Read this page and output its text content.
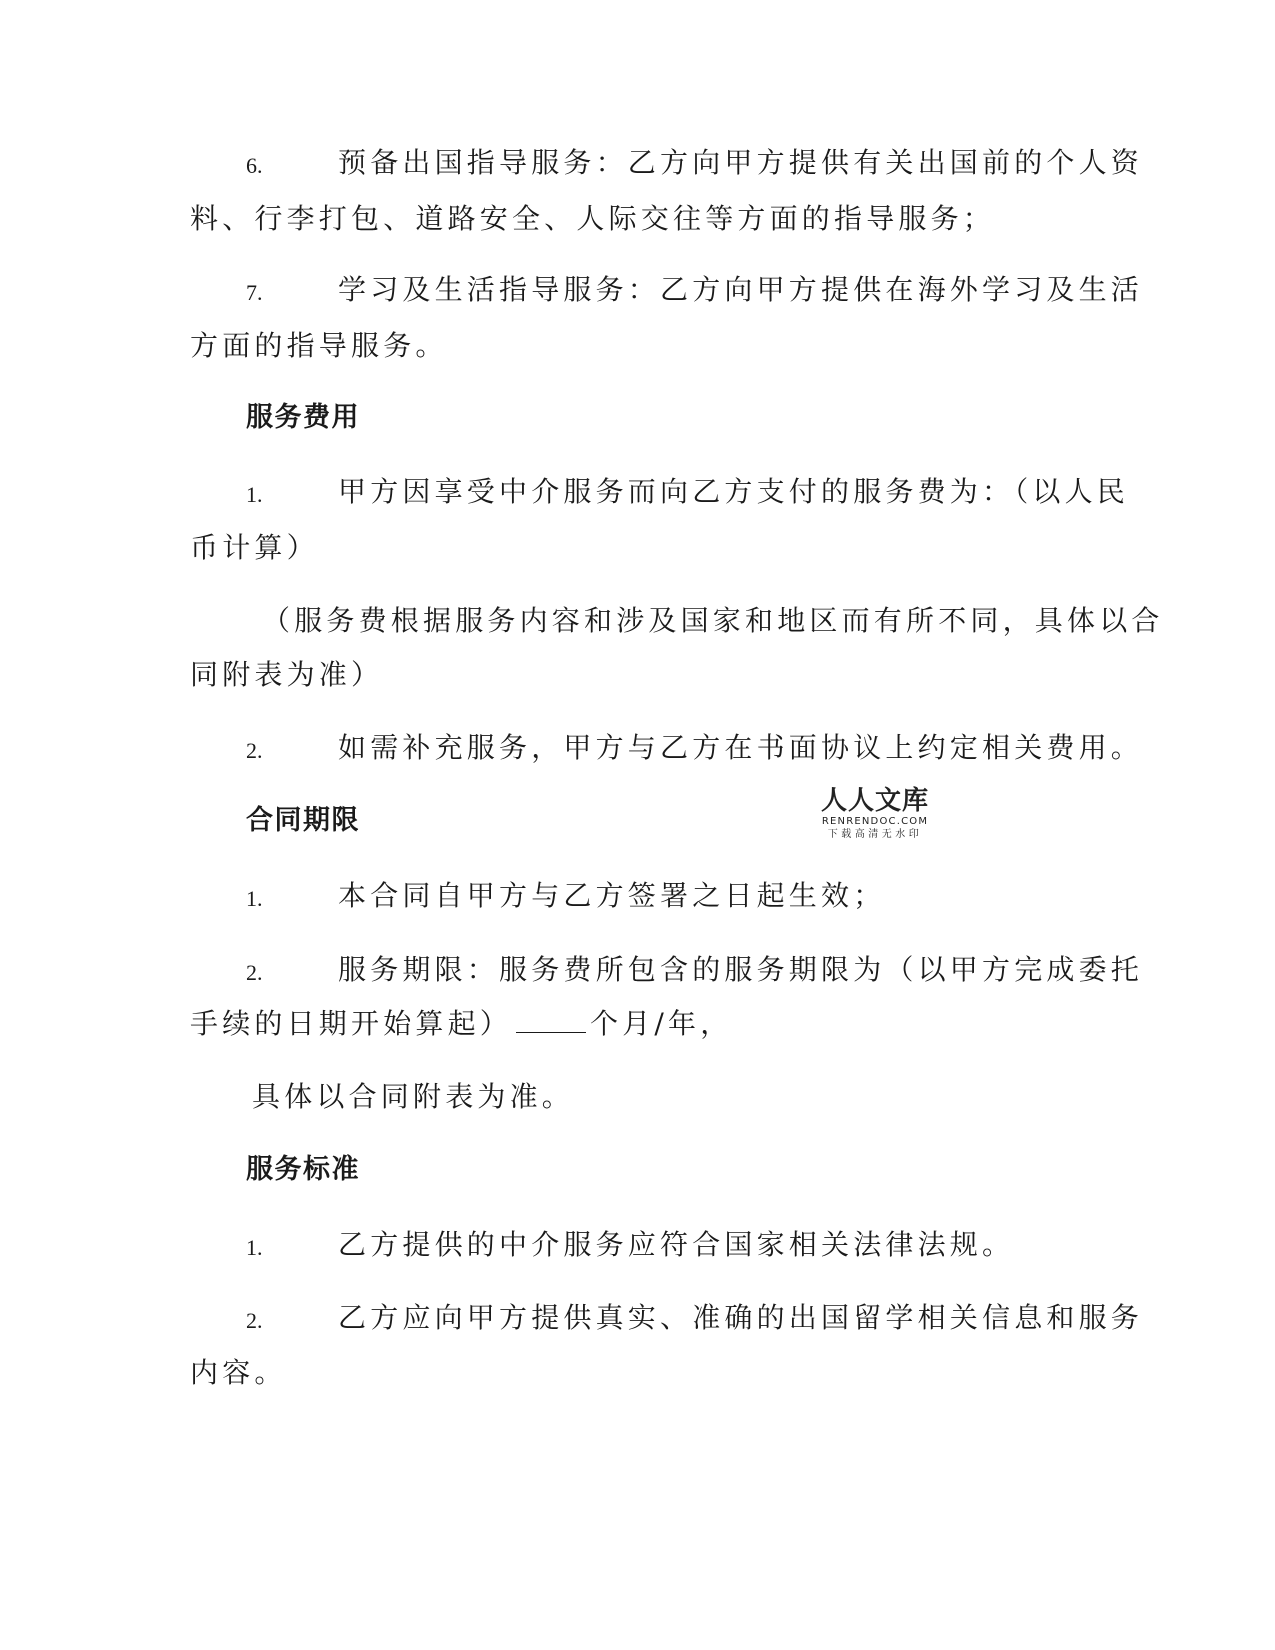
6.	预备出国指导服务：乙方向甲方提供有关出国前的个人资
料、行李打包、道路安全、人际交往等方面的指导服务；
7.	学习及生活指导服务：乙方向甲方提供在海外学习及生活
方面的指导服务。
服务费用
1.	甲方因享受中介服务而向乙方支付的服务费为：（以人民
币计算）
（服务费根据服务内容和涉及国家和地区而有所不同，具体以合
同附表为准）
2.	如需补充服务，甲方与乙方在书面协议上约定相关费用。
人人文库
RENRENDOC.COM
下载高清无水印
合同期限
1.	本合同自甲方与乙方签署之日起生效；
2.	服务期限：服务费所包含的服务期限为（以甲方完成委托
手续的日期开始算起）	个月/年，
具体以合同附表为准。
服务标准
1.	乙方提供的中介服务应符合国家相关法律法规。
2.	乙方应向甲方提供真实、准确的出国留学相关信息和服务
内容。
